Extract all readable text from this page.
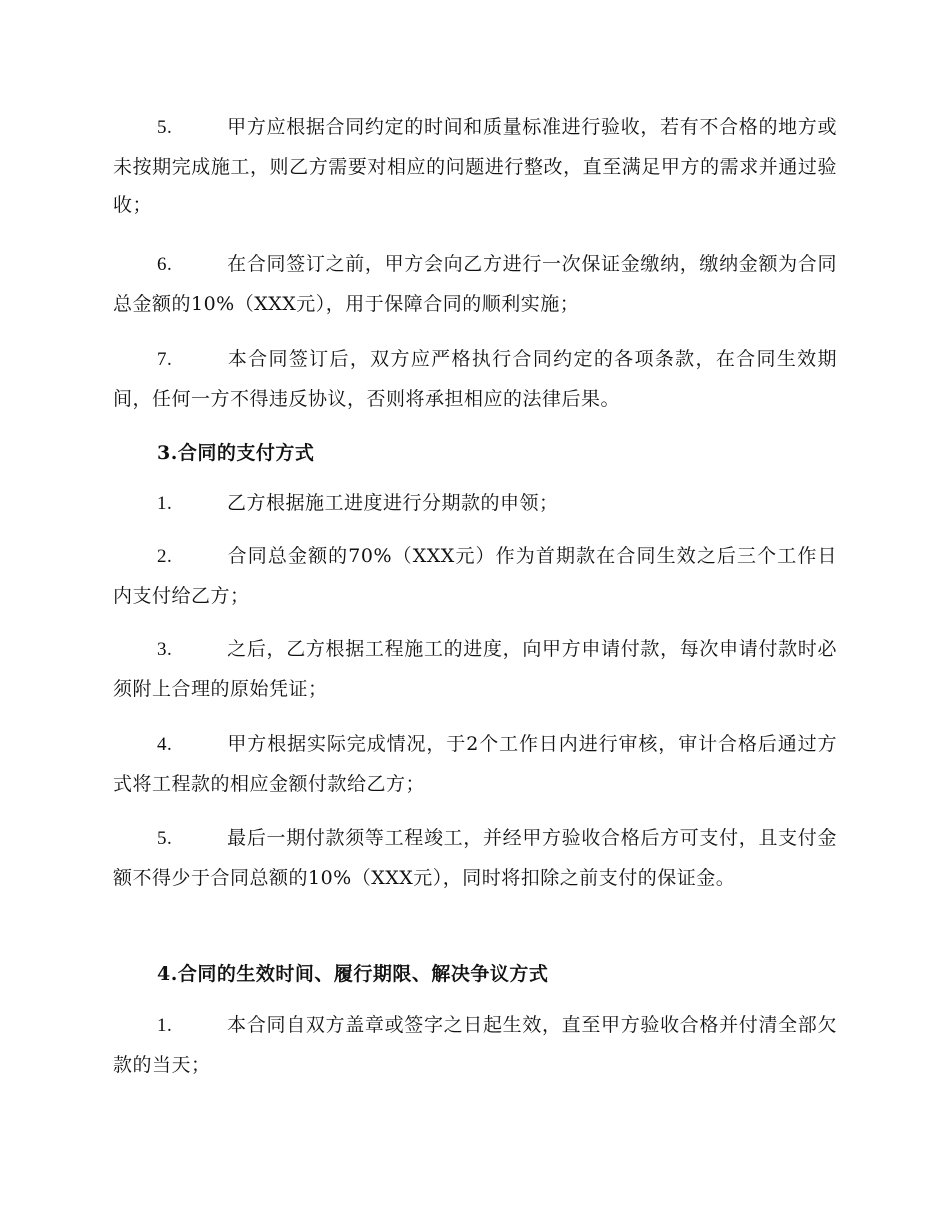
5.	甲方应根据合同约定的时间和质量标准进行验收，若有不合格的地方或未按期完成施工，则乙方需要对相应的问题进行整改，直至满足甲方的需求并通过验收；
6.	在合同签订之前，甲方会向乙方进行一次保证金缴纳，缴纳金额为合同总金额的10%（XXX元），用于保障合同的顺利实施；
7.	本合同签订后，双方应严格执行合同约定的各项条款，在合同生效期间，任何一方不得违反协议，否则将承担相应的法律后果。
3.合同的支付方式
1.	乙方根据施工进度进行分期款的申领；
2.	合同总金额的70%（XXX元）作为首期款在合同生效之后三个工作日内支付给乙方；
3.	之后，乙方根据工程施工的进度，向甲方申请付款，每次申请付款时必须附上合理的原始凭证；
4.	甲方根据实际完成情况，于2个工作日内进行审核，审计合格后通过方式将工程款的相应金额付款给乙方；
5.	最后一期付款须等工程竣工，并经甲方验收合格后方可支付，且支付金额不得少于合同总额的10%（XXX元），同时将扣除之前支付的保证金。
4.合同的生效时间、履行期限、解决争议方式
1.	本合同自双方盖章或签字之日起生效，直至甲方验收合格并付清全部欠款的当天；
